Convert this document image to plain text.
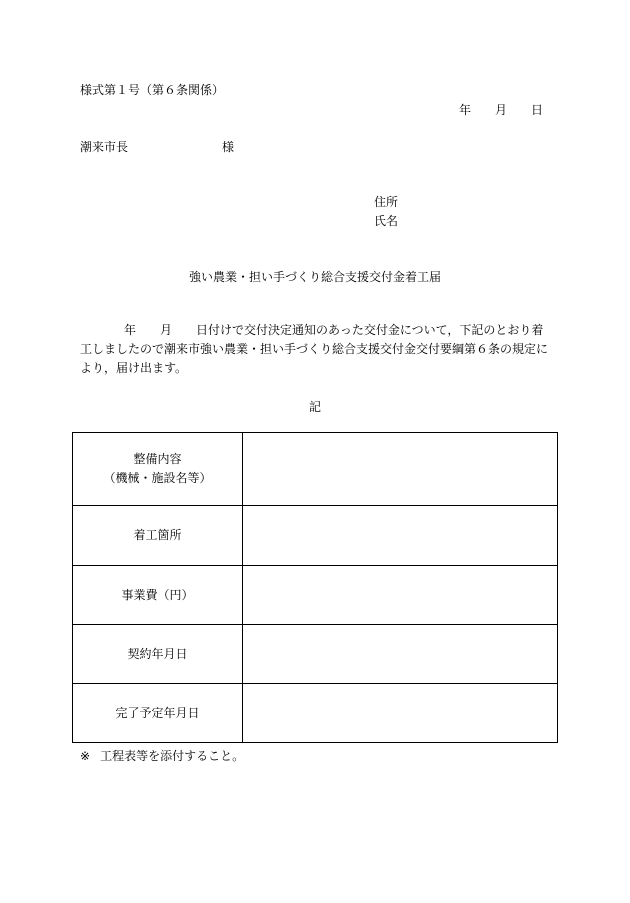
様式第１号（第６条関係）
年 月 日
潮来市長	様
住所
氏名
強い農業・担い手づくり総合支援交付金着工届
年 月 日付けで交付決定通知のあった交付金について，下記のとおり着工しましたので潮来市強い農業・担い手づくり総合支援交付金交付要綱第６条の規定により，届け出ます。
記
整備内容
（機械・施設名等）	

着工箇所	
事業費（円）	
契約年月日	
完了予定年月日	
※ 工程表等を添付すること。
